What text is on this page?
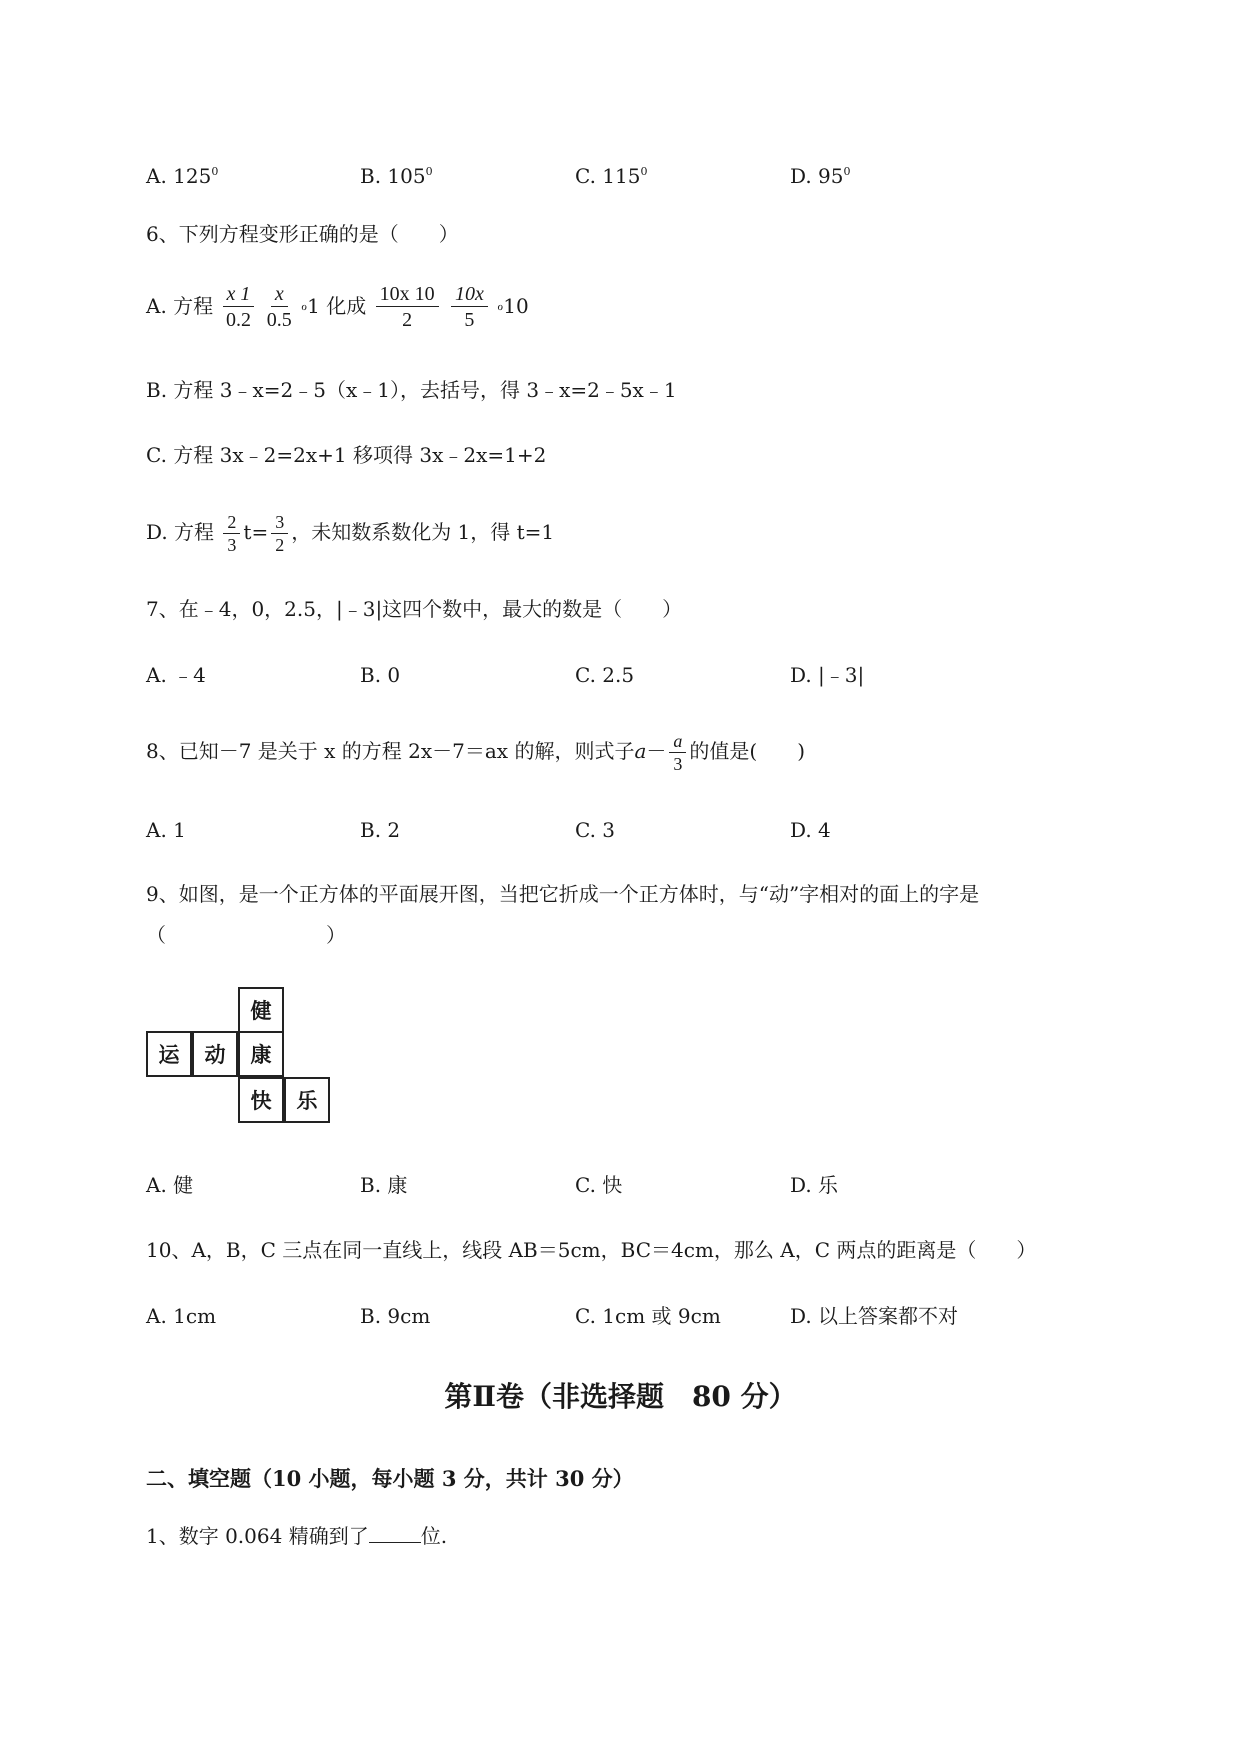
A. $125^0$	B. $105^0$	C. $115^0$	D. $95^0$
6、下列方程变形正确的是（　　）
A. 方程 $\frac{x 1}{0.2}$
$\frac{x}{0.5}$ ℴ1 化成 $\frac{10x 10}{2}$
$\frac{10x}{5}$ ℴ10
B. 方程 3﹣x=2﹣5（x﹣1），去括号，得 3﹣x=2﹣5x﹣1
C. 方程 3x﹣2=2x+1 移项得 3x﹣2x=1+2
D. 方程 $\frac{2}{3} t= \frac{3}{2}$ ，未知数系数化为 1，得 t=1
7、在﹣4，0，2.5，|﹣3|这四个数中，最大的数是（　　）
A. ﹣4	B. 0	C. 2.5	D. |﹣3|
8、已知－7 是关于 x 的方程 2x－7＝ax 的解，则式子$a- \frac{a}{3}$ 的值是(　　)
A. 1	B. 2	C. 3	D. 4
9、如图，是一个正方体的平面展开图，当把它折成一个正方体时，与“动”字相对的面上的字是
（　　　　　　　　）
健
运	动	康
快	乐
A. 健	B. 康	C. 快	D. 乐
10、A，B，C 三点在同一直线上，线段 AB＝5cm，BC＝4cm，那么 A，C 两点的距离是（　　）
A. 1cm	B. 9cm	C. 1cm 或 9cm	D. 以上答案都不对
第Ⅱ卷（非选择题　80 分）
二、填空题（10 小题，每小题 3 分，共计 30 分）
1、数字 0.064 精确到了	位.
